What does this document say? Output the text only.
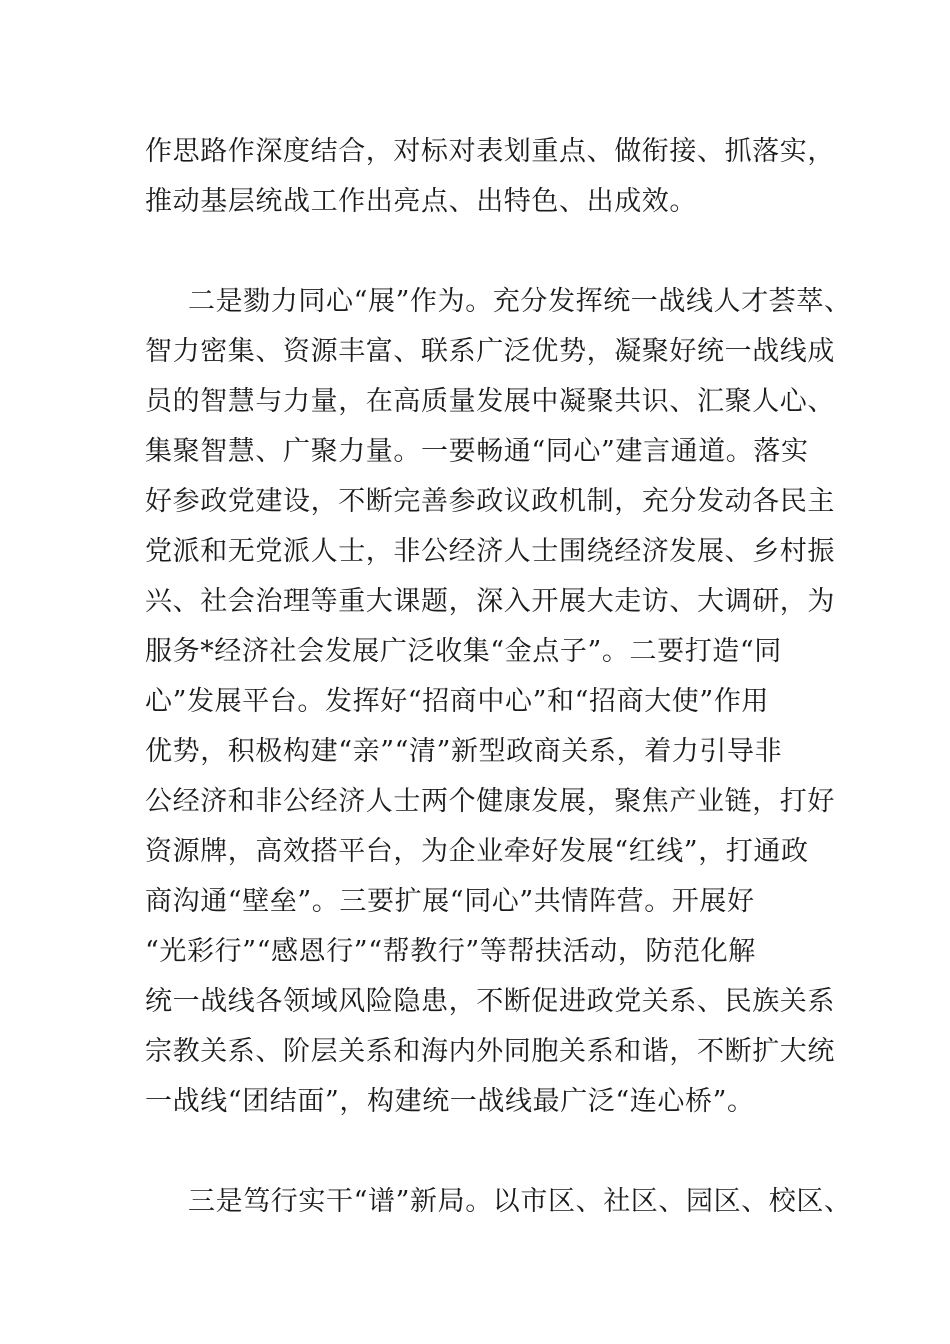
作思路作深度结合，对标对表划重点、做衔接、抓落实，
推动基层统战工作出亮点、出特色、出成效。
二是勠力同心“展”作为。充分发挥统一战线人才荟萃、
智力密集、资源丰富、联系广泛优势，凝聚好统一战线成
员的智慧与力量，在高质量发展中凝聚共识、汇聚人心、
集聚智慧、广聚力量。一要畅通“同心”建言通道。落实
好参政党建设，不断完善参政议政机制，充分发动各民主
党派和无党派人士，非公经济人士围绕经济发展、乡村振
兴、社会治理等重大课题，深入开展大走访、大调研，为
服务*经济社会发展广泛收集“金点子”。二要打造“同
心”发展平台。发挥好“招商中心”和“招商大使”作用
优势，积极构建“亲”“清”新型政商关系，着力引导非
公经济和非公经济人士两个健康发展，聚焦产业链，打好
资源牌，高效搭平台，为企业牵好发展“红线”，打通政
商沟通“壁垒”。三要扩展“同心”共情阵营。开展好
“光彩行”“感恩行”“帮教行”等帮扶活动，防范化解
统一战线各领域风险隐患，不断促进政党关系、民族关系
宗教关系、阶层关系和海内外同胞关系和谐，不断扩大统
一战线“团结面”，构建统一战线最广泛“连心桥”。
三是笃行实干“谱”新局。以市区、社区、园区、校区、
